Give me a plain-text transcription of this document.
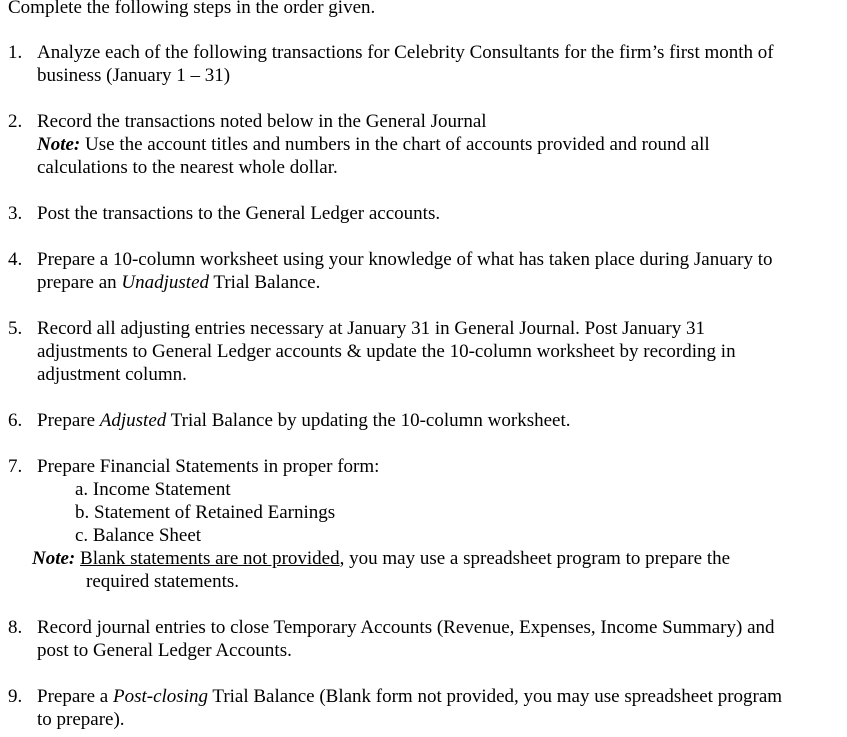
Complete the following steps in the order given.

1. Analyze each of the following transactions for Celebrity Consultants for the firm’s first month of
business (January 1 – 31)
2. Record the transactions noted below in the General Journal
Note: Use the account titles and numbers in the chart of accounts provided and round all
calculations to the nearest whole dollar.
3. Post the transactions to the General Ledger accounts.
4. Prepare a 10-column worksheet using your knowledge of what has taken place during January to
prepare an Unadjusted Trial Balance.
5. Record all adjusting entries necessary at January 31 in General Journal. Post January 31
adjustments to General Ledger accounts & update the 10-column worksheet by recording in
adjustment column.
6. Prepare Adjusted Trial Balance by updating the 10-column worksheet.
7. Prepare Financial Statements in proper form:
a. Income Statement
b. Statement of Retained Earnings
c. Balance Sheet
Note: Blank statements are not provided, you may use a spreadsheet program to prepare the
required statements.
8. Record journal entries to close Temporary Accounts (Revenue, Expenses, Income Summary) and
post to General Ledger Accounts.
9. Prepare a Post-closing Trial Balance (Blank form not provided, you may use spreadsheet program
to prepare).
